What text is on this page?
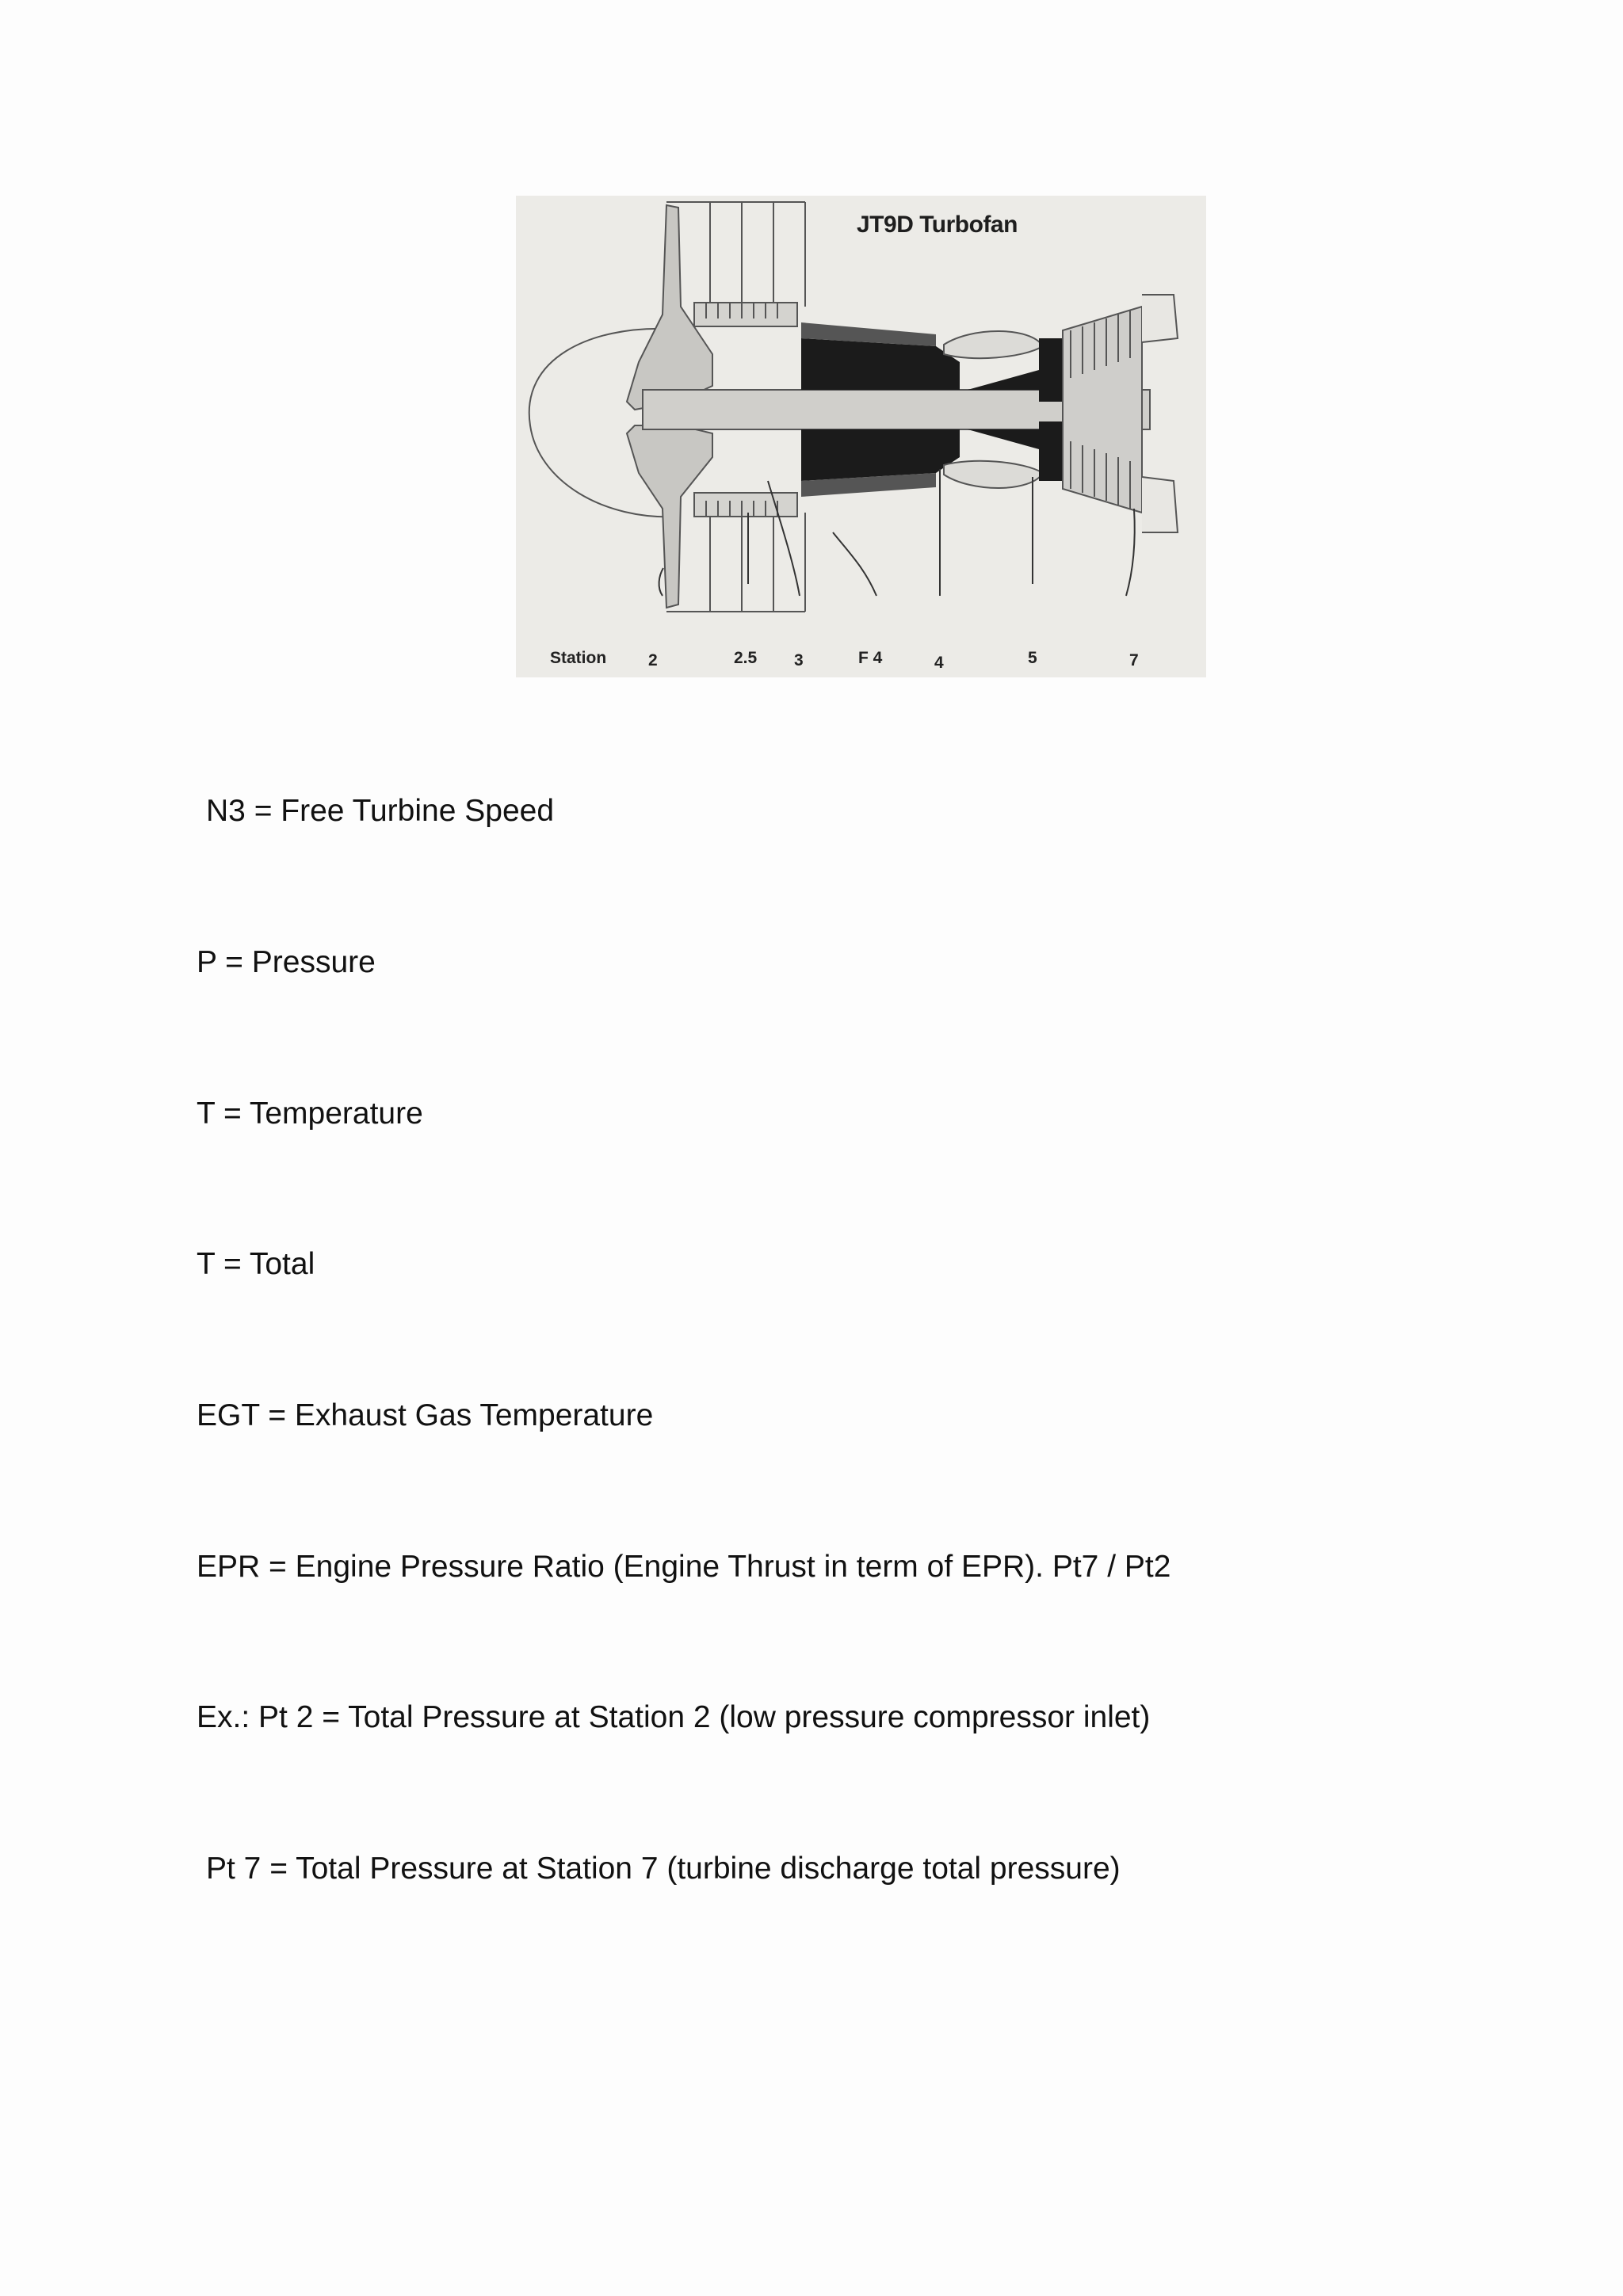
JT9D Turbofan
Station	2	2.5 3	F 4	4	5	7

N3 = Free Turbine Speed

P = Pressure

T = Temperature

T = Total

EGT = Exhaust Gas Temperature

EPR = Engine Pressure Ratio (Engine Thrust in term of EPR). Pt7 / Pt2

Ex.: Pt 2 = Total Pressure at Station 2 (low pressure compressor inlet)

Pt 7 = Total Pressure at Station 7 (turbine discharge total pressure)
